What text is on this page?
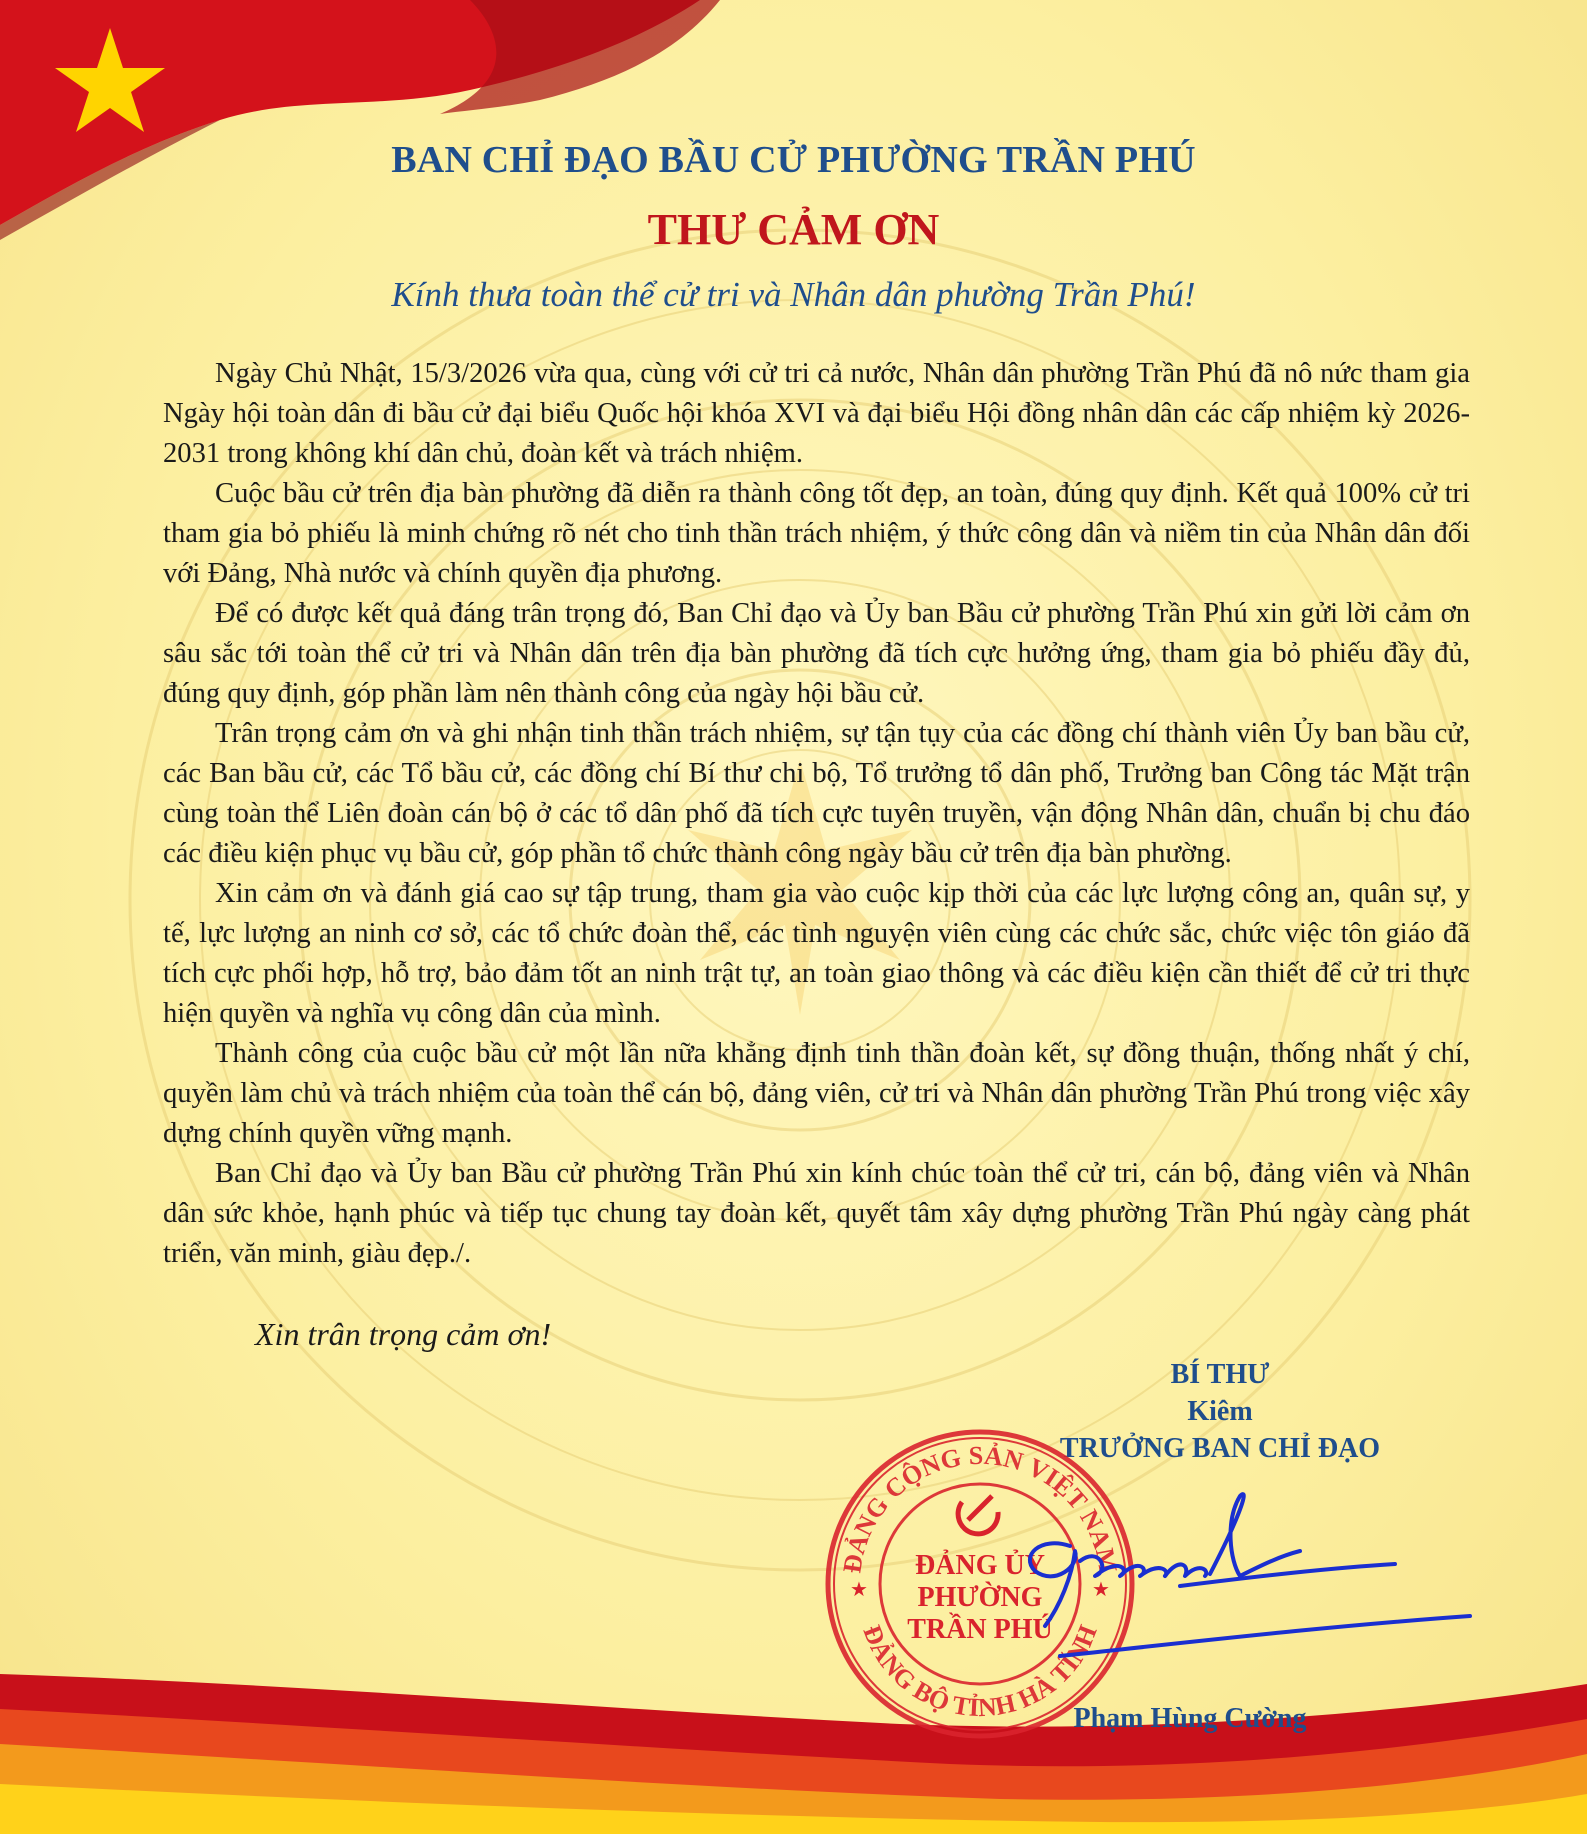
BAN CHỈ ĐẠO BẦU CỬ PHƯỜNG TRẦN PHÚ
THƯ CẢM ƠN
Kính thưa toàn thể cử tri và Nhân dân phường Trần Phú!

Ngày Chủ Nhật, 15/3/2026 vừa qua, cùng với cử tri cả nước, Nhân dân phường Trần Phú đã nô nức tham gia Ngày hội toàn dân đi bầu cử đại biểu Quốc hội khóa XVI và đại biểu Hội đồng nhân dân các cấp nhiệm kỳ 2026-2031 trong không khí dân chủ, đoàn kết và trách nhiệm.

Cuộc bầu cử trên địa bàn phường đã diễn ra thành công tốt đẹp, an toàn, đúng quy định. Kết quả 100% cử tri tham gia bỏ phiếu là minh chứng rõ nét cho tinh thần trách nhiệm, ý thức công dân và niềm tin của Nhân dân đối với Đảng, Nhà nước và chính quyền địa phương.

Để có được kết quả đáng trân trọng đó, Ban Chỉ đạo và Ủy ban Bầu cử phường Trần Phú xin gửi lời cảm ơn sâu sắc tới toàn thể cử tri và Nhân dân trên địa bàn phường đã tích cực hưởng ứng, tham gia bỏ phiếu đầy đủ, đúng quy định, góp phần làm nên thành công của ngày hội bầu cử.

Trân trọng cảm ơn và ghi nhận tinh thần trách nhiệm, sự tận tụy của các đồng chí thành viên Ủy ban bầu cử, các Ban bầu cử, các Tổ bầu cử, các đồng chí Bí thư chi bộ, Tổ trưởng tổ dân phố, Trưởng ban Công tác Mặt trận cùng toàn thể Liên đoàn cán bộ ở các tổ dân phố đã tích cực tuyên truyền, vận động Nhân dân, chuẩn bị chu đáo các điều kiện phục vụ bầu cử, góp phần tổ chức thành công ngày bầu cử trên địa bàn phường.

Xin cảm ơn và đánh giá cao sự tập trung, tham gia vào cuộc kịp thời của các lực lượng công an, quân sự, y tế, lực lượng an ninh cơ sở, các tổ chức đoàn thể, các tình nguyện viên cùng các chức sắc, chức việc tôn giáo đã tích cực phối hợp, hỗ trợ, bảo đảm tốt an ninh trật tự, an toàn giao thông và các điều kiện cần thiết để cử tri thực hiện quyền và nghĩa vụ công dân của mình.

Thành công của cuộc bầu cử một lần nữa khẳng định tinh thần đoàn kết, sự đồng thuận, thống nhất ý chí, quyền làm chủ và trách nhiệm của toàn thể cán bộ, đảng viên, cử tri và Nhân dân phường Trần Phú trong việc xây dựng chính quyền vững mạnh.

Ban Chỉ đạo và Ủy ban Bầu cử phường Trần Phú xin kính chúc toàn thể cử tri, cán bộ, đảng viên và Nhân dân sức khỏe, hạnh phúc và tiếp tục chung tay đoàn kết, quyết tâm xây dựng phường Trần Phú ngày càng phát triển, văn minh, giàu đẹp./.

Xin trân trọng cảm ơn!
BÍ THƯ
Kiêm
TRƯỞNG BAN CHỈ ĐẠO
ĐẢNG CỘNG SẢN VIỆT NAM
ĐẢNG BỘ TỈNH HÀ TĨNH
★	★
ĐẢNG ỦY
PHƯỜNG
TRẦN PHÚ
Phạm Hùng Cường
